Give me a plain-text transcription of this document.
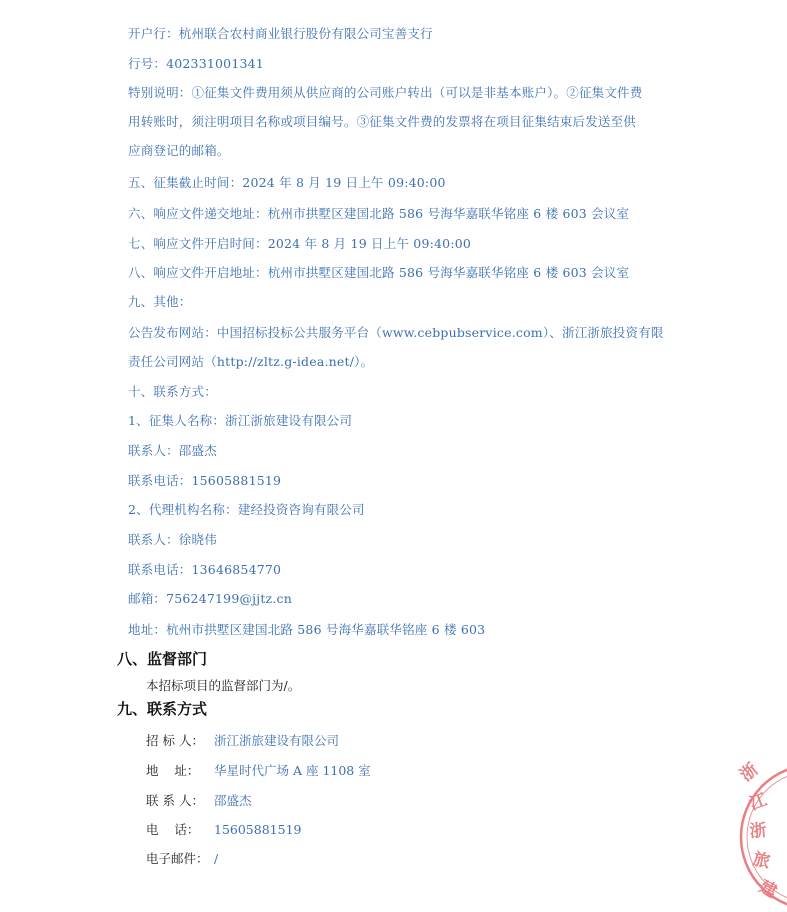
开户行：杭州联合农村商业银行股份有限公司宝善支行
行号：402331001341
特别说明：①征集文件费用须从供应商的公司账户转出（可以是非基本账户）。②征集文件费
用转账时，须注明项目名称或项目编号。③征集文件费的发票将在项目征集结束后发送至供
应商登记的邮箱。
五、征集截止时间：2024 年 8 月 19 日上午 09:40:00
六、响应文件递交地址：杭州市拱墅区建国北路 586 号海华嘉联华铭座 6 楼 603 会议室
七、响应文件开启时间：2024 年 8 月 19 日上午 09:40:00
八、响应文件开启地址：杭州市拱墅区建国北路 586 号海华嘉联华铭座 6 楼 603 会议室
九、其他：
公告发布网站：中国招标投标公共服务平台（www.cebpubservice.com）、浙江浙旅投资有限
责任公司网站（http://zltz.g-idea.net/）。
十、联系方式：
1、征集人名称：浙江浙旅建设有限公司
联系人：邵盛杰
联系电话：15605881519
2、代理机构名称：建经投资咨询有限公司
联系人：徐晓伟
联系电话：13646854770
邮箱：756247199@jjtz.cn
地址：杭州市拱墅区建国北路 586 号海华嘉联华铭座 6 楼 603
八、监督部门
本招标项目的监督部门为/。
九、联系方式
招 标 人： 浙江浙旅建设有限公司
地    址： 华星时代广场 A 座 1108 室
联 系 人： 邵盛杰
电    话： 15605881519
电子邮件： /
浙
江
浙
旅
建
